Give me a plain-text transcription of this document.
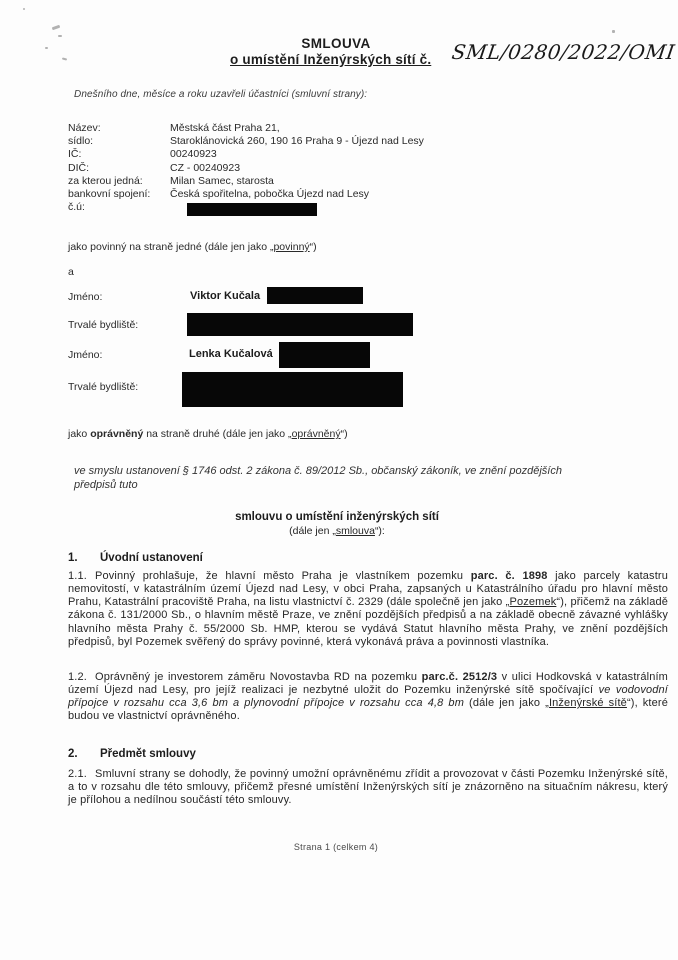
SMLOUVA
o umístění Inženýrských sítí č. SML/0280/2022/OMI
Dnešního dne, měsíce a roku uzavřeli účastníci (smluvní strany):
Název:	Městská část Praha 21,
sídlo:	Staroklánovická 260, 190 16 Praha 9 - Újezd nad Lesy
IČ:	00240923
DIČ:	CZ - 00240923
za kterou jedná:	Milan Samec, starosta
bankovní spojení:	Česká spořitelna, pobočka Újezd nad Lesy
č.ú:
jako povinný na straně jedné (dále jen jako „povinný“)
a
Jméno:	Viktor Kučala
Trvalé bydliště:
Jméno:	Lenka Kučalová
Trvalé bydliště:
jako oprávněný na straně druhé (dále jen jako „oprávněný“)
ve smyslu ustanovení § 1746 odst. 2 zákona č. 89/2012 Sb., občanský zákoník, ve znění pozdějších
předpisů tuto
smlouvu o umístění inženýrských sítí
(dále jen „smlouva“):
1. Úvodní ustanovení

1.1. Povinný prohlašuje, že hlavní město Praha je vlastníkem pozemku parc. č. 1898 jako parcely katastru nemovitostí, v katastrálním území Újezd nad Lesy, v obci Praha, zapsaných u Katastrálního úřadu pro hlavní město Prahu, Katastrální pracoviště Praha, na listu vlastnictví č. 2329 (dále společně jen jako „Pozemek“), přičemž na základě zákona č. 131/2000 Sb., o hlavním městě Praze, ve znění pozdějších předpisů a na základě obecně závazné vyhlášky hlavního města Prahy č. 55/2000 Sb. HMP, kterou se vydává Statut hlavního města Prahy, ve znění pozdějších předpisů, byl Pozemek svěřený do správy povinné, která vykonává práva a povinnosti vlastníka.

1.2. Oprávněný je investorem záměru Novostavba RD na pozemku parc.č. 2512/3 v ulici Hodkovská v katastrálním území Újezd nad Lesy, pro jejíž realizaci je nezbytné uložit do Pozemku inženýrské sítě spočívající ve vodovodní přípojce v rozsahu cca 3,6 bm a plynovodní přípojce v rozsahu cca 4,8 bm (dále jen jako „Inženýrské sítě“), které budou ve vlastnictví oprávněného.

2. Předmět smlouvy

2.1. Smluvní strany se dohodly, že povinný umožní oprávněnému zřídit a provozovat v části Pozemku Inženýrské sítě, a to v rozsahu dle této smlouvy, přičemž přesné umístění Inženýrských sítí je znázorněno na situačním nákresu, který je přílohou a nedílnou součástí této smlouvy.

Strana 1 (celkem 4)
